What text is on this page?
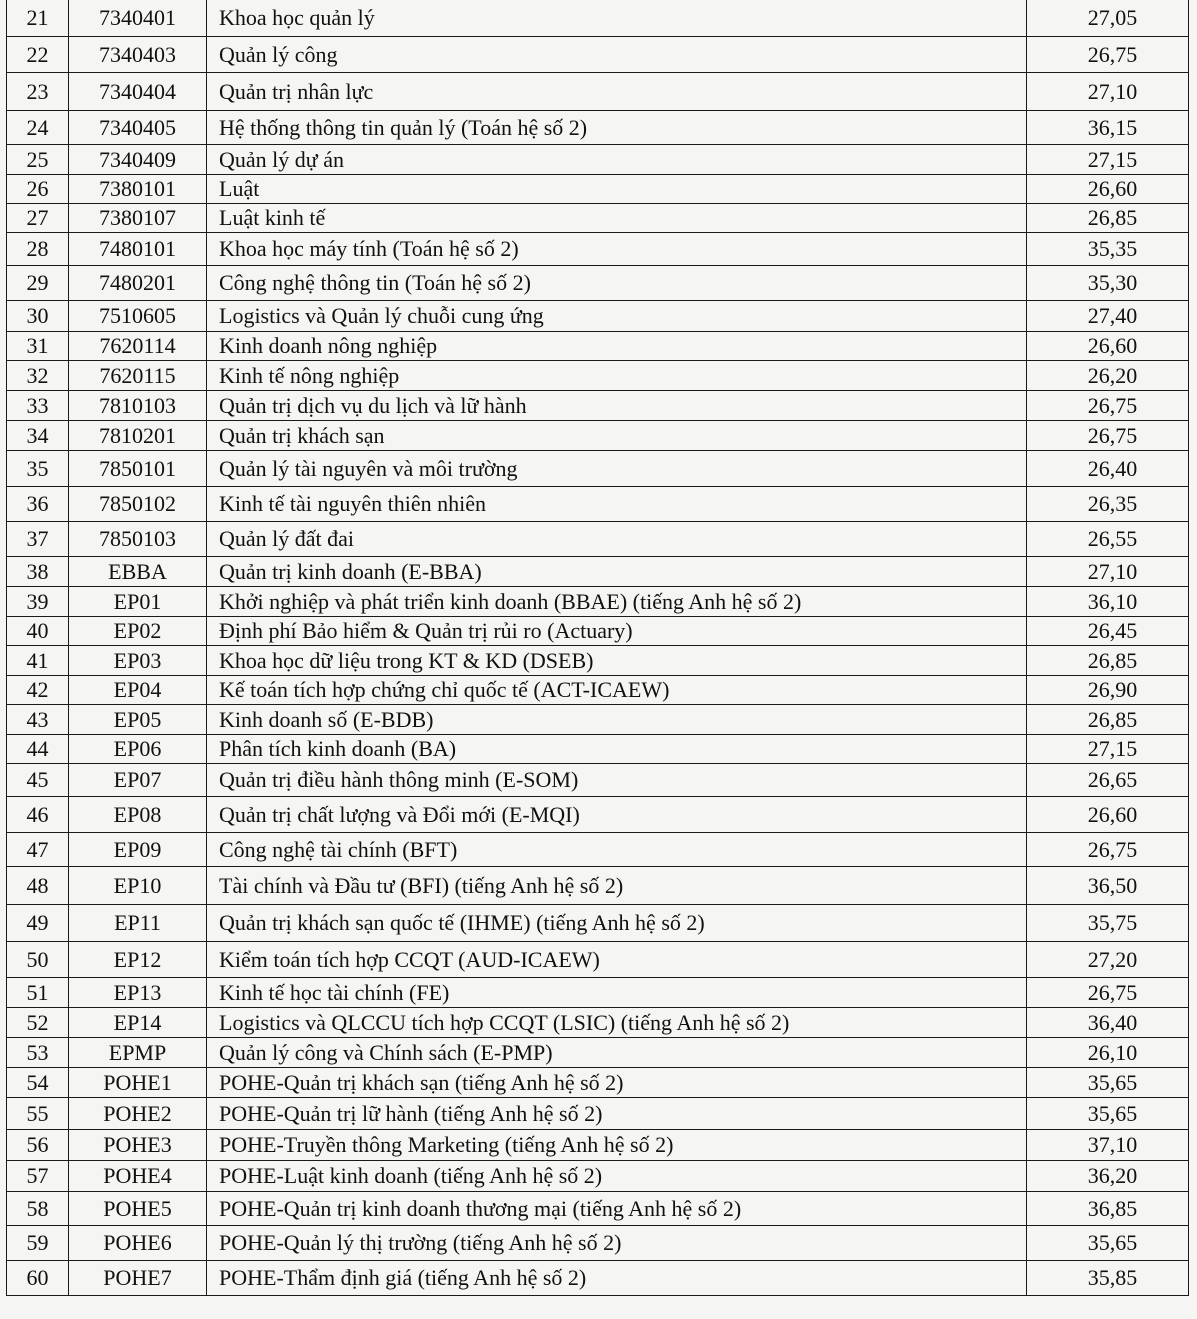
21	7340401	Khoa học quản lý	27,05
22	7340403	Quản lý công	26,75
23	7340404	Quản trị nhân lực	27,10
24	7340405	Hệ thống thông tin quản lý (Toán hệ số 2)	36,15
25	7340409	Quản lý dự án	27,15
26	7380101	Luật	26,60
27	7380107	Luật kinh tế	26,85
28	7480101	Khoa học máy tính (Toán hệ số 2)	35,35
29	7480201	Công nghệ thông tin (Toán hệ số 2)	35,30
30	7510605	Logistics và Quản lý chuỗi cung ứng	27,40
31	7620114	Kinh doanh nông nghiệp	26,60
32	7620115	Kinh tế nông nghiệp	26,20
33	7810103	Quản trị dịch vụ du lịch và lữ hành	26,75
34	7810201	Quản trị khách sạn	26,75
35	7850101	Quản lý tài nguyên và môi trường	26,40
36	7850102	Kinh tế tài nguyên thiên nhiên	26,35
37	7850103	Quản lý đất đai	26,55
38	EBBA	Quản trị kinh doanh (E-BBA)	27,10
39	EP01	Khởi nghiệp và phát triển kinh doanh (BBAE) (tiếng Anh hệ số 2)	36,10
40	EP02	Định phí Bảo hiểm & Quản trị rủi ro (Actuary)	26,45
41	EP03	Khoa học dữ liệu trong KT & KD (DSEB)	26,85
42	EP04	Kế toán tích hợp chứng chỉ quốc tế (ACT-ICAEW)	26,90
43	EP05	Kinh doanh số (E-BDB)	26,85
44	EP06	Phân tích kinh doanh (BA)	27,15
45	EP07	Quản trị điều hành thông minh (E-SOM)	26,65
46	EP08	Quản trị chất lượng và Đổi mới (E-MQI)	26,60
47	EP09	Công nghệ tài chính (BFT)	26,75
48	EP10	Tài chính và Đầu tư (BFI) (tiếng Anh hệ số 2)	36,50
49	EP11	Quản trị khách sạn quốc tế (IHME) (tiếng Anh hệ số 2)	35,75
50	EP12	Kiểm toán tích hợp CCQT (AUD-ICAEW)	27,20
51	EP13	Kinh tế học tài chính (FE)	26,75
52	EP14	Logistics và QLCCU tích hợp CCQT (LSIC) (tiếng Anh hệ số 2)	36,40
53	EPMP	Quản lý công và Chính sách (E-PMP)	26,10
54	POHE1	POHE-Quản trị khách sạn (tiếng Anh hệ số 2)	35,65
55	POHE2	POHE-Quản trị lữ hành (tiếng Anh hệ số 2)	35,65
56	POHE3	POHE-Truyền thông Marketing (tiếng Anh hệ số 2)	37,10
57	POHE4	POHE-Luật kinh doanh (tiếng Anh hệ số 2)	36,20
58	POHE5	POHE-Quản trị kinh doanh thương mại (tiếng Anh hệ số 2)	36,85
59	POHE6	POHE-Quản lý thị trường (tiếng Anh hệ số 2)	35,65
60	POHE7	POHE-Thẩm định giá (tiếng Anh hệ số 2)	35,85
